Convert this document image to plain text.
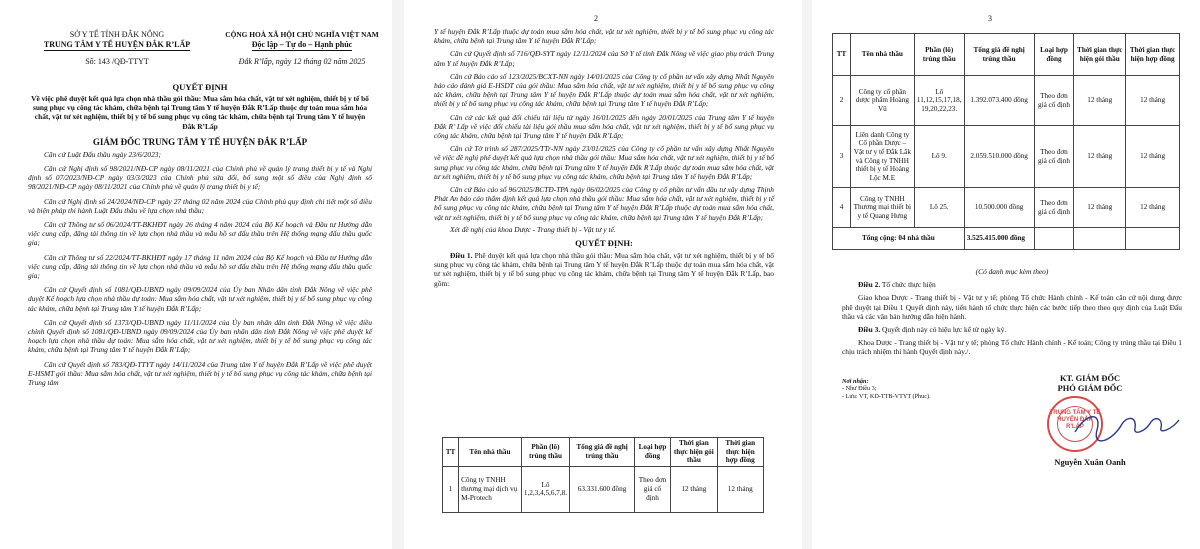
SỞ Y TẾ TỈNH ĐẮK NÔNG
TRUNG TÂM Y TẾ HUYỆN ĐẮK R’LẤP
Số: 143 /QĐ-TTYT
CỘNG HOÀ XÃ HỘI CHỦ NGHĨA VIỆT NAM
Độc lập – Tự do – Hạnh phúc
Đắk R’lấp, ngày 12 tháng 02 năm 2025
QUYẾT ĐỊNH
Về việc phê duyệt kết quả lựa chọn nhà thầu gói thầu: Mua sắm hóa chất, vật tư xét nghiệm, thiết bị y tế bổ sung phục vụ công tác khám, chữa bệnh tại Trung tâm Y tế huyện Đắk R’Lấp thuộc dự toán mua sắm hóa chất, vật tư xét nghiệm, thiết bị y tế bổ sung phục vụ công tác khám, chữa bệnh tại Trung tâm Y tế huyện Đắk R’Lấp
GIÁM ĐỐC TRUNG TÂM Y TẾ HUYỆN ĐẮK R’LẤP
Căn cứ Luật Đấu thầu ngày 23/6/2023;
Căn cứ Nghị định số 98/2021/NĐ-CP ngày 08/11/2021 của Chính phủ về quản lý trang thiết bị y tế và Nghị định số 07/2023/NĐ-CP ngày 03/3/2023 của Chính phủ sửa đổi, bổ sung một số điều của Nghị định số 98/2021/NĐ-CP ngày 08/11/2021 của Chính phủ về quản lý trang thiết bị y tế;
Căn cứ Nghị định số 24/2024/NĐ-CP ngày 27 tháng 02 năm 2024 của Chính phủ quy định chi tiết một số điều và biện pháp thi hành Luật Đấu thầu về lựa chọn nhà thầu;
Căn cứ Thông tư số 06/2024/TT-BKHĐT ngày 26 tháng 4 năm 2024 của Bộ Kế hoạch và Đầu tư Hướng dẫn việc cung cấp, đăng tải thông tin về lựa chọn nhà thầu và mẫu hồ sơ đấu thầu trên Hệ thống mạng đấu thầu quốc gia;
Căn cứ Thông tư số 22/2024/TT-BKHĐT ngày 17 tháng 11 năm 2024 của Bộ Kế hoạch và Đầu tư Hướng dẫn việc cung cấp, đăng tải thông tin về lựa chọn nhà thầu và mẫu hồ sơ đấu thầu trên Hệ thống mạng đấu thầu quốc gia;
Căn cứ Quyết định số 1081/QĐ-UBND ngày 09/09/2024 của Ủy ban Nhân dân tỉnh Đắk Nông về việc phê duyệt Kế hoạch lựa chọn nhà thầu dự toán: Mua sắm hóa chất, vật tư xét nghiệm, thiết bị y tế bổ sung phục vụ công tác khám, chữa bệnh tại Trung tâm Y tế huyện Đắk R’Lấp;
Căn cứ Quyết định số 1373/QĐ-UBND ngày 11/11/2024 của Ủy ban nhân dân tỉnh Đắk Nông về việc điều chỉnh Quyết định số 1081/QĐ-UBND ngày 09/09/2024 của Ủy ban nhân dân tỉnh Đắk Nông về việc phê duyệt kế hoạch lựa chọn nhà thầu dự toán: Mua sắm hóa chất, vật tư xét nghiệm, thiết bị y tế bổ sung phục vụ công tác khám, chữa bệnh tại Trung tâm Y tế huyện Đắk R’Lấp;
Căn cứ Quyết định số 783/QĐ-TTYT ngày 14/11/2024 của Trung tâm Y tế huyện Đắk R’Lấp về việc phê duyệt E-HSMT gói thầu: Mua sắm hóa chất, vật tư xét nghiệm, thiết bị y tế bổ sung phục vụ công tác khám, chữa bệnh tại Trung tâm
2
Y tế huyện Đắk R’Lấp thuộc dự toán mua sắm hóa chất, vật tư xét nghiệm, thiết bị y tế bổ sung phục vụ công tác khám, chữa bệnh tại Trung tâm Y tế huyện Đắk R’Lấp;
Căn cứ Quyết định số 716/QĐ-SYT ngày 12/11/2024 của Sở Y tế tỉnh Đắk Nông về việc giao phụ trách Trung tâm Y tế huyện Đắk R’Lấp;
Căn cứ Báo cáo số 123/2025/BCXT-NN ngày 14/01/2025 của Công ty cổ phần tư vấn xây dựng Nhất Nguyên báo cáo đánh giá E-HSDT của gói thầu: Mua sắm hóa chất, vật tư xét nghiệm, thiết bị y tế bổ sung phục vụ công tác khám, chữa bệnh tại Trung tâm Y tế huyện Đắk R’Lấp thuộc dự toán mua sắm hóa chất, vật tư xét nghiệm, thiết bị y tế bổ sung phục vụ công tác khám, chữa bệnh tại Trung tâm Y tế huyện Đắk R’Lấp;
Căn cứ các kết quả đối chiếu tài liệu từ ngày 16/01/2025 đến ngày 20/01/2025 của Trung tâm Y tế huyện Đắk R’ Lấp về việc đối chiếu tài liệu gói thầu mua sắm hóa chất, vật tư xét nghiệm, thiết bị y tế bổ sung phục vụ công tác khám, chữa bệnh tại Trung tâm Y tế huyện Đắk R’Lấp;
Căn cứ Tờ trình số 287/2025/TTr-NN ngày 23/01/2025 của Công ty cổ phần tư vấn xây dựng Nhất Nguyên về việc đề nghị phê duyệt kết quả lựa chọn nhà thầu gói thầu: Mua sắm hóa chất, vật tư xét nghiệm, thiết bị y tế bổ sung phục vụ công tác khám, chữa bệnh tại Trung tâm Y tế huyện Đắk R’Lấp thuộc dự toán mua sắm hóa chất, vật tư xét nghiệm, thiết bị y tế bổ sung phục vụ công tác khám, chữa bệnh tại Trung tâm Y tế huyện Đắk R’Lấp;
Căn cứ Báo cáo số 96/2025/BCTĐ-TPA ngày 06/02/2025 của Công ty cổ phần tư vấn đầu tư xây dựng Thịnh Phát An báo cáo thẩm định kết quả lựa chọn nhà thầu gói thầu: Mua sắm hóa chất, vật tư xét nghiệm, thiết bị y tế bổ sung phục vụ công tác khám, chữa bệnh tại Trung tâm Y tế huyện Đắk R’Lấp thuộc dự toán mua sắm hóa chất, vật tư xét nghiệm, thiết bị y tế bổ sung phục vụ công tác khám, chữa bệnh tại Trung tâm Y tế huyện Đắk R’Lấp;
Xét đề nghị của khoa Dược - Trang thiết bị - Vật tư y tế.
QUYẾT ĐỊNH:
Điều 1. Phê duyệt kết quả lựa chọn nhà thầu gói thầu: Mua sắm hóa chất, vật tư xét nghiệm, thiết bị y tế bổ sung phục vụ công tác khám, chữa bệnh tại Trung tâm Y tế huyện Đắk R’Lấp thuộc dự toán mua sắm hóa chất, vật tư xét nghiệm, thiết bị y tế bổ sung phục vụ công tác khám, chữa bệnh tại Trung tâm Y tế huyện Đắk R’Lấp, bao gồm:
TT	Tên nhà thầu	Phần (lô) trúng thầu	Tổng giá đề nghị trúng thầu	Loại hợp đồng	Thời gian thực hiện gói thầu	Thời gian thực hiện hợp đồng
1	Công ty TNHH thương mại dịch vụ M-Protech	Lô 1,2,3,4,5,6,7,8.	63.331.600 đồng	Theo đơn giá cố định	12 tháng	12 tháng
3
TT	Tên nhà thầu	Phần (lô) trúng thầu	Tổng giá đề nghị trúng thầu	Loại hợp đồng	Thời gian thực hiện gói thầu	Thời gian thực hiện hợp đồng
2	Công ty cổ phần dược phẩm Hoàng Vũ	Lô 11,12,15,17,18, 19,20,22,23.	1.392.073.400 đồng	Theo đơn giá cố định	12 tháng	12 tháng
3	Liên danh Công ty Cổ phần Dược – Vật tư y tế Đắk Lắk và Công ty TNHH thiết bị y tế Hoàng Lộc M.E	Lô 9.	2.059.510.000 đồng	Theo đơn giá cố định	12 tháng	12 tháng
4	Công ty TNHH Thương mại thiết bị y tế Quang Hưng	Lô 25.	10.500.000 đồng	Theo đơn giá cố định	12 tháng	12 tháng
Tổng cộng: 04 nhà thầu			3.525.415.000 đồng			
(Có danh mục kèm theo)
Điều 2. Tổ chức thực hiện
Giao khoa Dược - Trang thiết bị - Vật tư y tế; phòng Tổ chức Hành chính - Kế toán căn cứ nội dung được phê duyệt tại Điều 1 Quyết định này, tiến hành tổ chức thực hiện các bước tiếp theo theo quy định của Luật Đấu thầu và các văn bản hướng dẫn hiện hành.
Điều 3. Quyết định này có hiệu lực kể từ ngày ký.
Khoa Dược - Trang thiết bị - Vật tư y tế; phòng Tổ chức Hành chính - Kế toán; Công ty trúng thầu tại Điều 1 chịu trách nhiệm thi hành Quyết định này./.
Nơi nhận:
- Như Điều 3;
- Lưu: VT, KD-TTB-VTYT (Phuc).
KT. GIÁM ĐỐC
PHÓ GIÁM ĐỐC
TRUNG TÂM Y TẾ HUYỆN ĐẮK R'LẤP
Nguyễn Xuân Oanh
